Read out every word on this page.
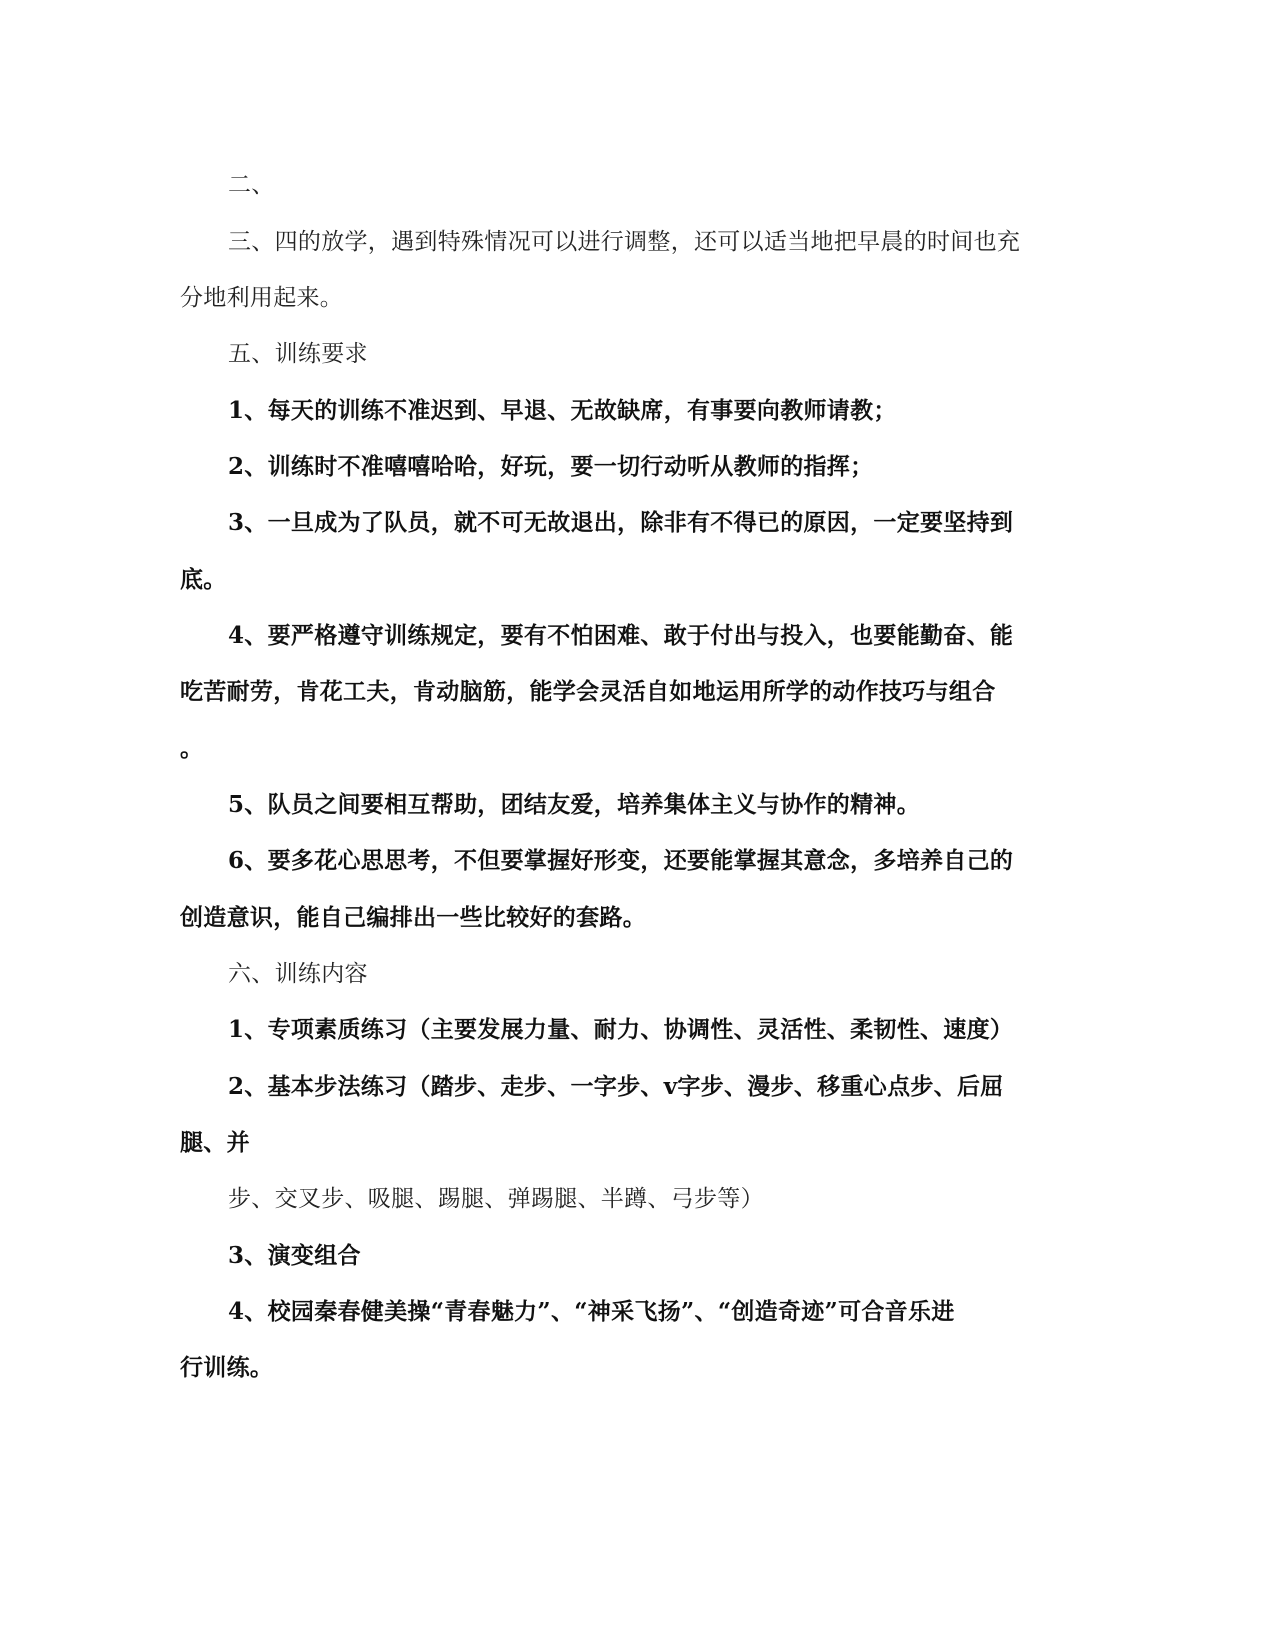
二、
三、四的放学，遇到特殊情况可以进行调整，还可以适当地把早晨的时间也充
分地利用起来。
五、训练要求
1、每天的训练不准迟到、早退、无故缺席，有事要向教师请教；
2、训练时不准嘻嘻哈哈，好玩，要一切行动听从教师的指挥；
3、一旦成为了队员，就不可无故退出，除非有不得已的原因，一定要坚持到
底。
4、要严格遵守训练规定，要有不怕困难、敢于付出与投入，也要能勤奋、能
吃苦耐劳，肯花工夫，肯动脑筋，能学会灵活自如地运用所学的动作技巧与组合
。
5、队员之间要相互帮助，团结友爱，培养集体主义与协作的精神。
6、要多花心思思考，不但要掌握好形变，还要能掌握其意念，多培养自己的
创造意识，能自己编排出一些比较好的套路。
六、训练内容
1、专项素质练习（主要发展力量、耐力、协调性、灵活性、柔韧性、速度）
2、基本步法练习（踏步、走步、一字步、v字步、漫步、移重心点步、后屈
腿、并
步、交叉步、吸腿、踢腿、弹踢腿、半蹲、弓步等）
3、演变组合
4、校园秦春健美操“青春魅力”、“神采飞扬”、“创造奇迹”可合音乐进
行训练。
